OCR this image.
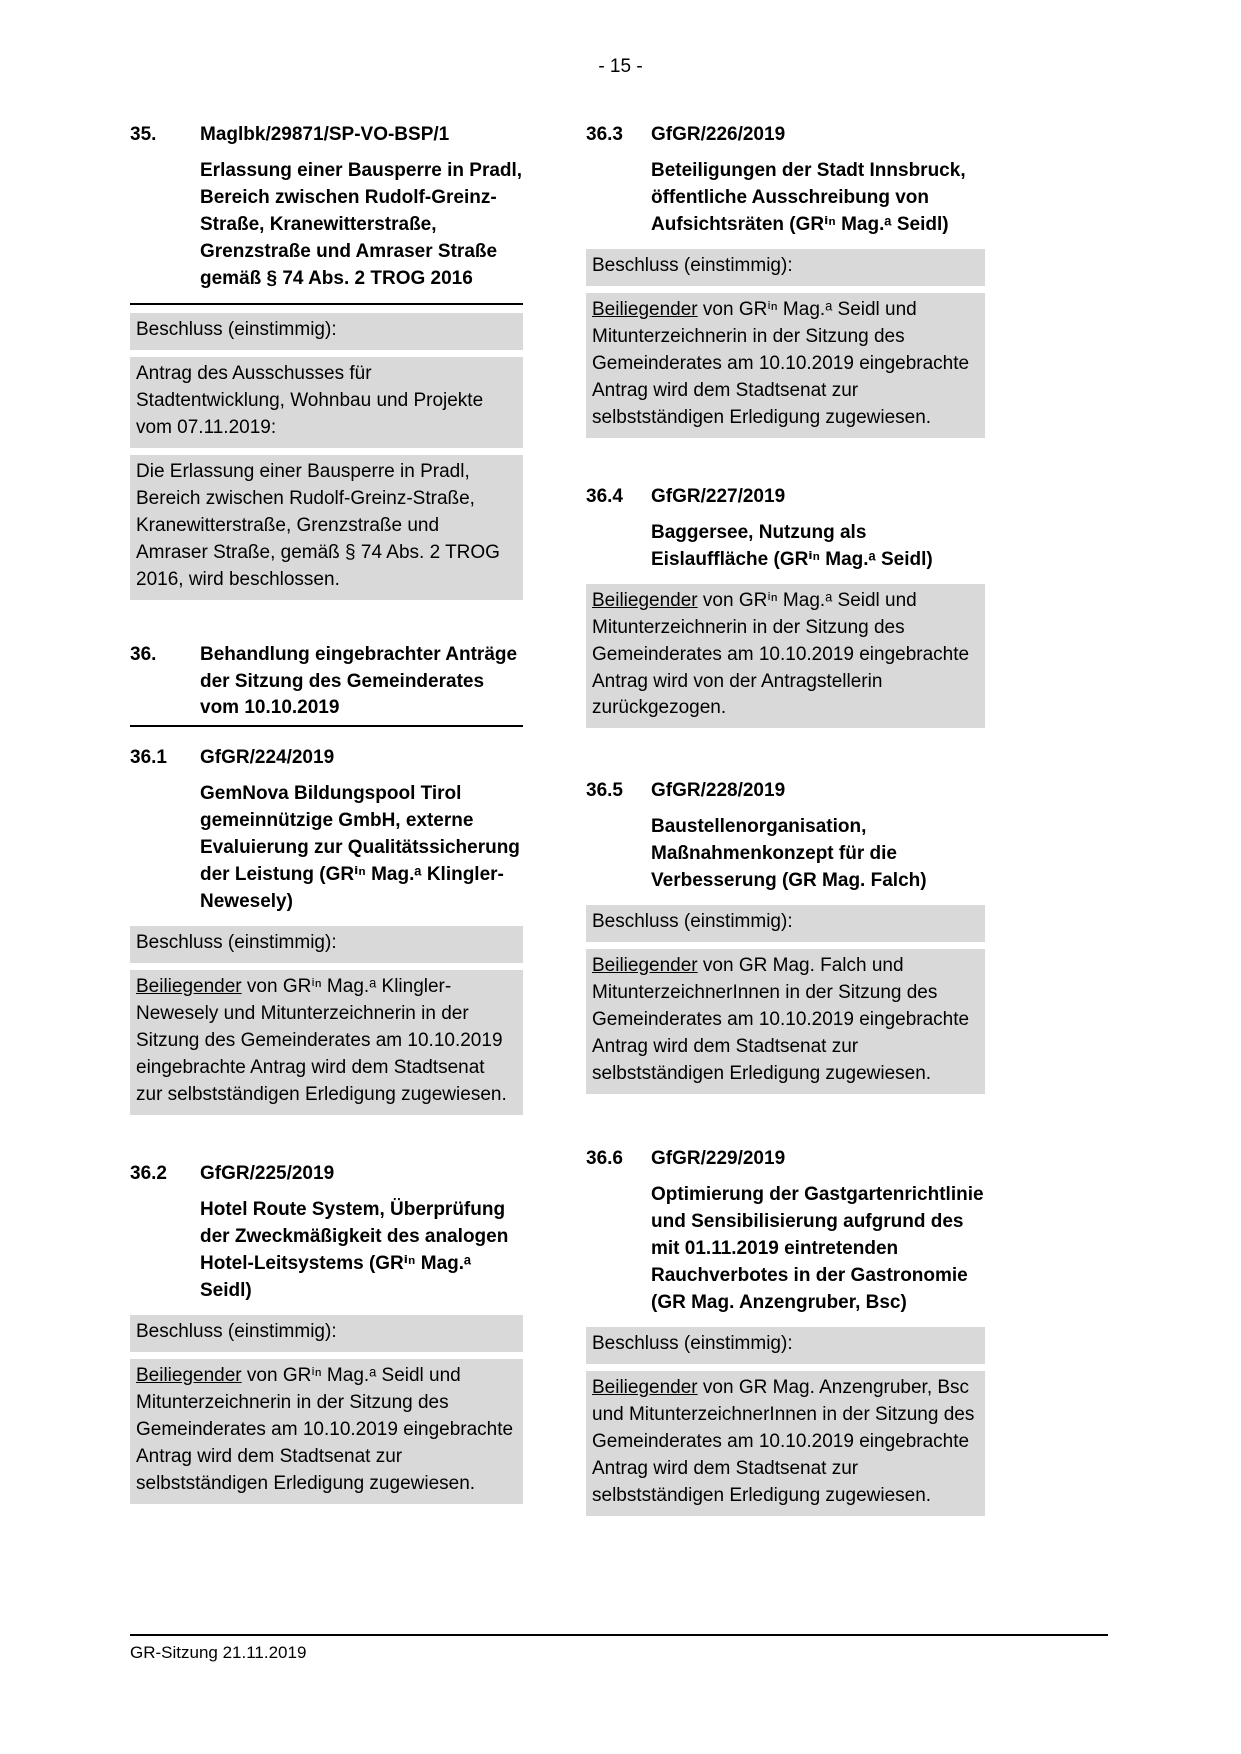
- 15 -
35.	Maglbk/29871/SP-VO-BSP/1
Erlassung einer Bausperre in Pradl, Bereich zwischen Rudolf-Greinz-Straße, Kranewitterstraße, Grenzstraße und Amraser Straße gemäß § 74 Abs. 2 TROG 2016
Beschluss (einstimmig):
Antrag des Ausschusses für Stadtentwicklung, Wohnbau und Projekte vom 07.11.2019:
Die Erlassung einer Bausperre in Pradl, Bereich zwischen Rudolf-Greinz-Straße, Kranewitterstraße, Grenzstraße und Amraser Straße, gemäß § 74 Abs. 2 TROG 2016, wird beschlossen.
36.	Behandlung eingebrachter Anträge der Sitzung des Gemeinderates vom 10.10.2019
36.1	GfGR/224/2019
GemNova Bildungspool Tirol gemeinnützige GmbH, externe Evaluierung zur Qualitätssicherung der Leistung (GRⁱⁿ Mag.ᵃ Klingler-Newesely)
Beschluss (einstimmig):
Beiliegender von GRⁱⁿ Mag.ᵃ Klingler-Newesely und Mitunterzeichnerin in der Sitzung des Gemeinderates am 10.10.2019 eingebrachte Antrag wird dem Stadtsenat zur selbstständigen Erledigung zugewiesen.
36.2	GfGR/225/2019
Hotel Route System, Überprüfung der Zweckmäßigkeit des analogen Hotel-Leitsystems (GRⁱⁿ Mag.ᵃ Seidl)
Beschluss (einstimmig):
Beiliegender von GRⁱⁿ Mag.ᵃ Seidl und Mitunterzeichnerin in der Sitzung des Gemeinderates am 10.10.2019 eingebrachte Antrag wird dem Stadtsenat zur selbstständigen Erledigung zugewiesen.
36.3	GfGR/226/2019
Beteiligungen der Stadt Innsbruck, öffentliche Ausschreibung von Aufsichtsräten (GRⁱⁿ Mag.ᵃ Seidl)
Beschluss (einstimmig):
Beiliegender von GRⁱⁿ Mag.ᵃ Seidl und Mitunterzeichnerin in der Sitzung des Gemeinderates am 10.10.2019 eingebrachte Antrag wird dem Stadtsenat zur selbstständigen Erledigung zugewiesen.
36.4	GfGR/227/2019
Baggersee, Nutzung als Eislauffläche (GRⁱⁿ Mag.ᵃ Seidl)
Beiliegender von GRⁱⁿ Mag.ᵃ Seidl und Mitunterzeichnerin in der Sitzung des Gemeinderates am 10.10.2019 eingebrachte Antrag wird von der Antragstellerin zurückgezogen.
36.5	GfGR/228/2019
Baustellenorganisation, Maßnahmenkonzept für die Verbesserung (GR Mag. Falch)
Beschluss (einstimmig):
Beiliegender von GR Mag. Falch und MitunterzeichnerInnen in der Sitzung des Gemeinderates am 10.10.2019 eingebrachte Antrag wird dem Stadtsenat zur selbstständigen Erledigung zugewiesen.
36.6	GfGR/229/2019
Optimierung der Gastgartenrichtlinie und Sensibilisierung aufgrund des mit 01.11.2019 eintretenden Rauchverbotes in der Gastronomie (GR Mag. Anzengruber, Bsc)
Beschluss (einstimmig):
Beiliegender von GR Mag. Anzengruber, Bsc und MitunterzeichnerInnen in der Sitzung des Gemeinderates am 10.10.2019 eingebrachte Antrag wird dem Stadtsenat zur selbstständigen Erledigung zugewiesen.
GR-Sitzung 21.11.2019
